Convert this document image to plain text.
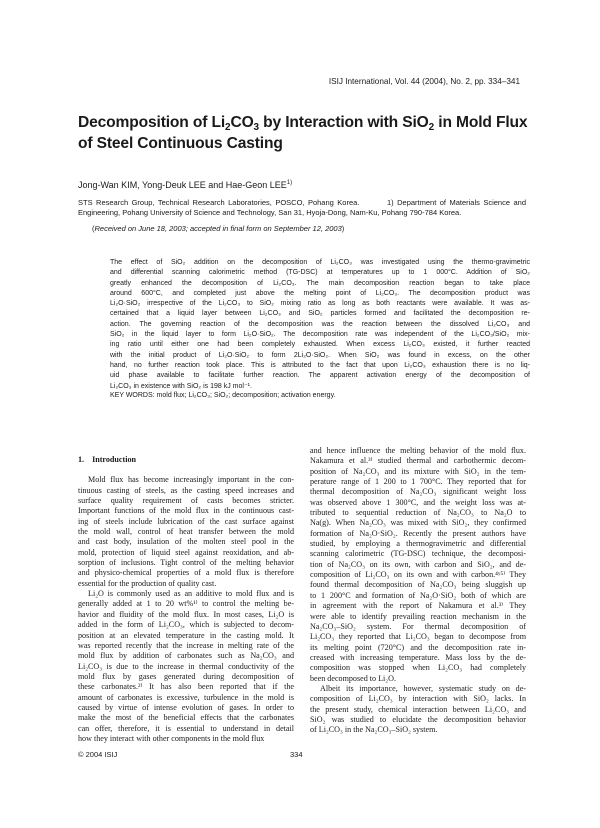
ISIJ International, Vol. 44 (2004), No. 2, pp. 334–341
Decomposition of $Li_2CO_3$ by Interaction with SiO$_2$ in Mold Flux of Steel Continuous Casting
Jong-Wan KIM, Yong-Deuk LEE and Hae-Geon LEE$^{1)}$
STS Research Group, Technical Research Laboratories, POSCO, Pohang Korea.        1) Department of Materials Science and Engineering, Pohang University of Science and Technology, San 31, Hyoja-Dong, Nam-Ku, Pohang 790-784 Korea.
(Received on June 18, 2003; accepted in final form on September 12, 2003)
The effect of SiO₂ addition on the decomposition of Li₂CO₃ was investigated using the thermo-gravimetric
and differential scanning calorimetric method (TG-DSC) at temperatures up to 1 000°C. Addition of SiO₂
greatly enhanced the decomposition of Li₂CO₃. The main decomposition reaction began to take place
around 600°C, and completed just above the melting point of Li₂CO₃. The decomposition product was
Li₂O·SiO₂ irrespective of the Li₂CO₃ to SiO₂ mixing ratio as long as both reactants were available. It was as-
certained that a liquid layer between Li₂CO₃ and SiO₂ particles formed and facilitated the decomposition re-
action. The governing reaction of the decomposition was the reaction between the dissolved Li₂CO₃ and
SiO₂ in the liquid layer to form Li₂O·SiO₂. The decomposition rate was independent of the Li₂CO₃/SiO₂ mix-
ing ratio until either one had been completely exhausted. When excess Li₂CO₃ existed, it further reacted
with the initial product of Li₂O·SiO₂ to form 2Li₂O·SiO₂. When SiO₂ was found in excess, on the other
hand, no further reaction took place. This is attributed to the fact that upon Li₂CO₃ exhaustion there is no liq-
uid phase available to facilitate further reaction. The apparent activation energy of the decomposition of
Li₂CO₃ in existence with SiO₂ is 198 kJ mol⁻¹.
KEY WORDS: mold flux; Li₂CO₃; SiO₂; decomposition; activation energy.
1. Introduction
Mold flux has become increasingly important in the con-
tinuous casting of steels, as the casting speed increases and
surface quality requirement of casts becomes stricter.
Important functions of the mold flux in the continuous cast-
ing of steels include lubrication of the cast surface against
the mold wall, control of heat transfer between the mold
and cast body, insulation of the molten steel pool in the
mold, protection of liquid steel against reoxidation, and ab-
sorption of inclusions. Tight control of the melting behavior
and physico-chemical properties of a mold flux is therefore
essential for the production of quality cast.
Li₂O is commonly used as an additive to mold flux and is
generally added at 1 to 20 wt%¹⁾ to control the melting be-
havior and fluidity of the mold flux. In most cases, Li₂O is
added in the form of Li₂CO₃, which is subjected to decom-
position at an elevated temperature in the casting mold. It
was reported recently that the increase in melting rate of the
mold flux by addition of carbonates such as Na₂CO₃ and
Li₂CO₃ is due to the increase in thermal conductivity of the
mold flux by gases generated during decomposition of
these carbonates.²⁾ It has also been reported that if the
amount of carbonates is excessive, turbulence in the mold is
caused by virtue of intense evolution of gases. In order to
make the most of the beneficial effects that the carbonates
can offer, therefore, it is essential to understand in detail
how they interact with other components in the mold flux
and hence influence the melting behavior of the mold flux.
Nakamura et al.³⁾ studied thermal and carbothermic decom-
position of Na₂CO₃ and its mixture with SiO₂ in the tem-
perature range of 1 200 to 1 700°C. They reported that for
thermal decomposition of Na₂CO₃ significant weight loss
was observed above 1 300°C, and the weight loss was at-
tributed to sequential reduction of Na₂CO₃ to Na₂O to
Na(g). When Na₂CO₃ was mixed with SiO₂, they confirmed
formation of Na₂O·SiO₂. Recently the present authors have
studied, by employing a thermogravimetric and differential
scanning calorimetric (TG-DSC) technique, the decomposi-
tion of Na₂CO₃ on its own, with carbon and SiO₂, and de-
composition of Li₂CO₃ on its own and with carbon.⁴ʸ⁵⁾ They
found thermal decomposition of Na₂CO₃ being sluggish up
to 1 200°C and formation of Na₂O·SiO₂ both of which are
in agreement with the report of Nakamura et al.³⁾ They
were able to identify prevailing reaction mechanism in the
Na₂CO₃–SiO₂ system. For thermal decomposition of
Li₂CO₃ they reported that Li₂CO₃ began to decompose from
its melting point (720°C) and the decomposition rate in-
creased with increasing temperature. Mass loss by the de-
composition was stopped when Li₂CO₃ had completely
been decomposed to Li₂O.
Albeit its importance, however, systematic study on de-
composition of Li₂CO₃ by interaction with SiO₂ lacks. In
the present study, chemical interaction between Li₂CO₃ and
SiO₂ was studied to elucidate the decomposition behavior
of Li₂CO₃ in the Na₂CO₃–SiO₂ system.
© 2004 ISIJ	334
